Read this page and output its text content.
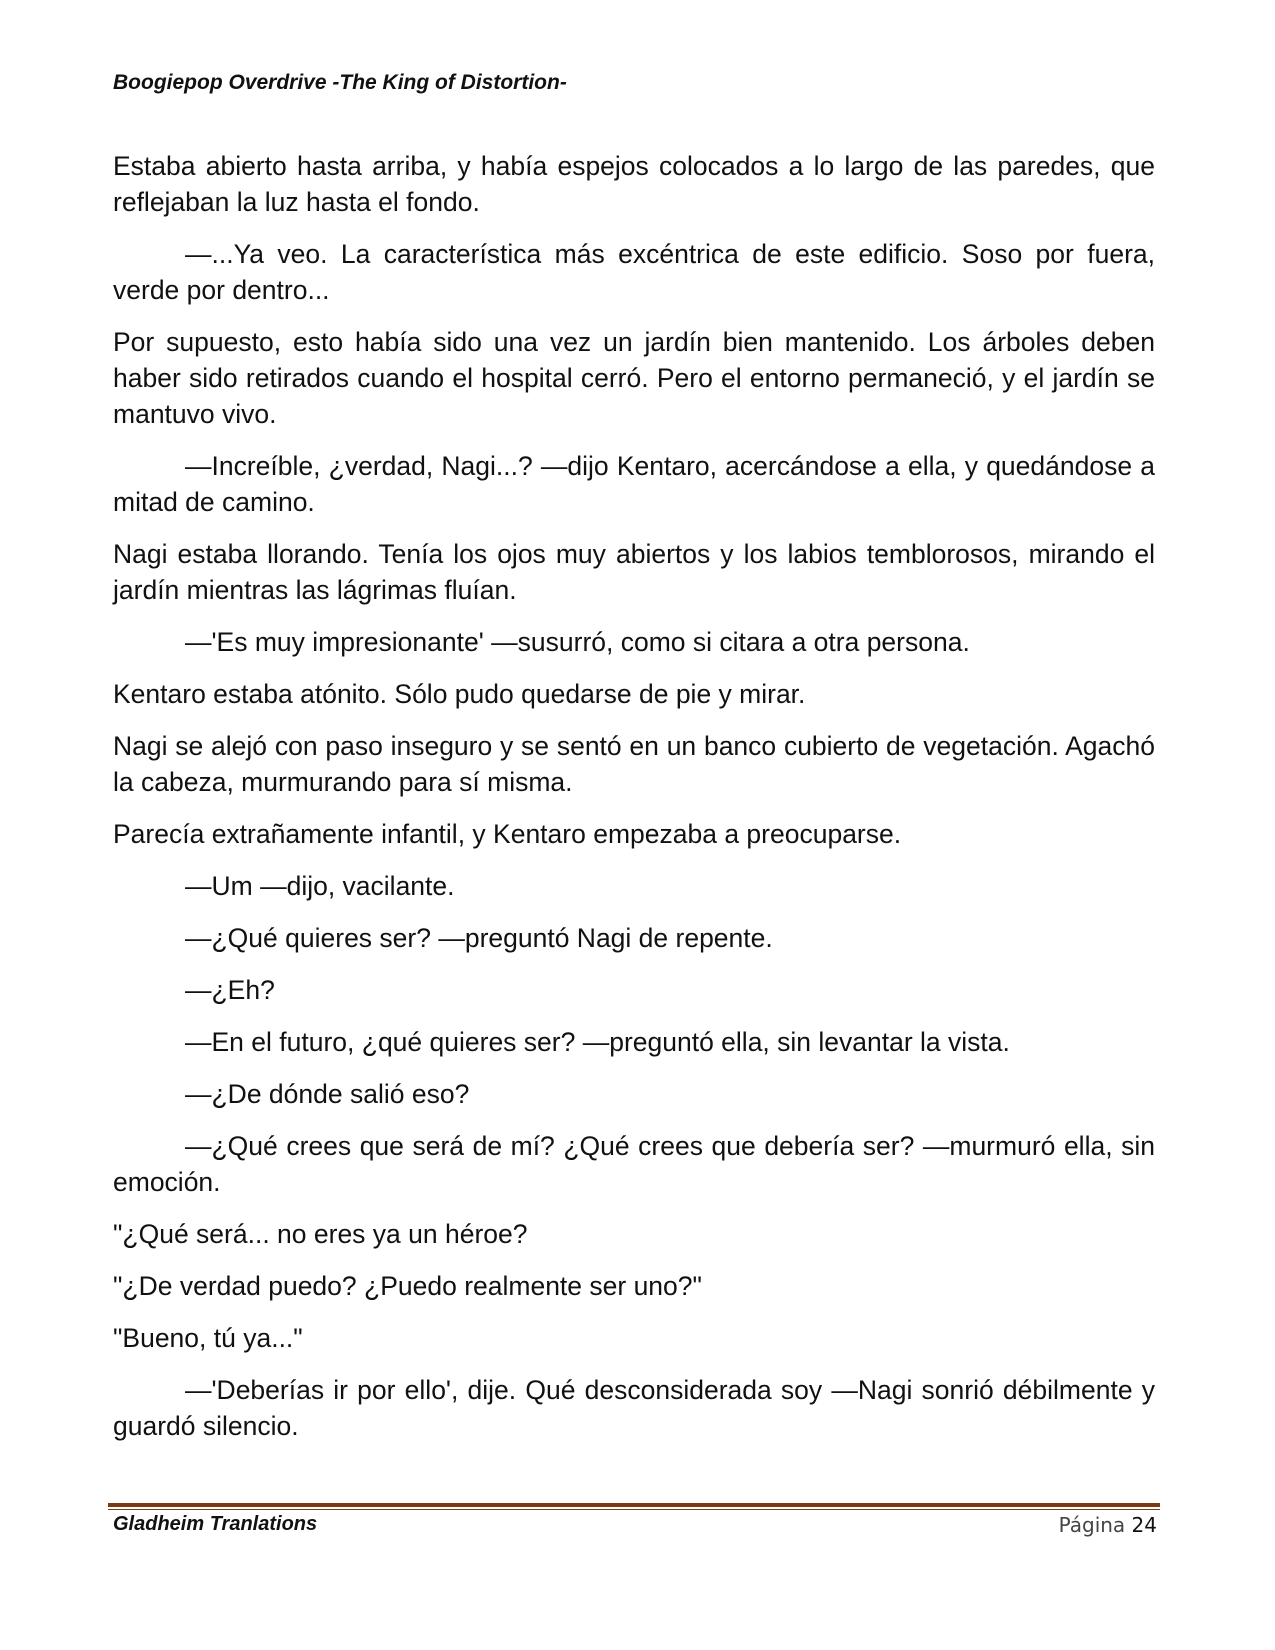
Boogiepop Overdrive -The King of Distortion-

Estaba abierto hasta arriba, y había espejos colocados a lo largo de las paredes, que reflejaban la luz hasta el fondo.

—...Ya veo. La característica más excéntrica de este edificio. Soso por fuera, verde por dentro...

Por supuesto, esto había sido una vez un jardín bien mantenido. Los árboles deben haber sido retirados cuando el hospital cerró. Pero el entorno permaneció, y el jardín se mantuvo vivo.

—Increíble, ¿verdad, Nagi...? —dijo Kentaro, acercándose a ella, y quedándose a mitad de camino.

Nagi estaba llorando. Tenía los ojos muy abiertos y los labios temblorosos, mirando el jardín mientras las lágrimas fluían.

—'Es muy impresionante' —susurró, como si citara a otra persona.

Kentaro estaba atónito. Sólo pudo quedarse de pie y mirar.

Nagi se alejó con paso inseguro y se sentó en un banco cubierto de vegetación. Agachó la cabeza, murmurando para sí misma.

Parecía extrañamente infantil, y Kentaro empezaba a preocuparse.

—Um —dijo, vacilante.

—¿Qué quieres ser? —preguntó Nagi de repente.

—¿Eh?

—En el futuro, ¿qué quieres ser? —preguntó ella, sin levantar la vista.

—¿De dónde salió eso?

—¿Qué crees que será de mí? ¿Qué crees que debería ser? —murmuró ella, sin emoción.

"¿Qué será... no eres ya un héroe?

"¿De verdad puedo? ¿Puedo realmente ser uno?"

"Bueno, tú ya..."

—'Deberías ir por ello', dije. Qué desconsiderada soy —Nagi sonrió débilmente y guardó silencio.

Gladheim Tranlations	Página 24
